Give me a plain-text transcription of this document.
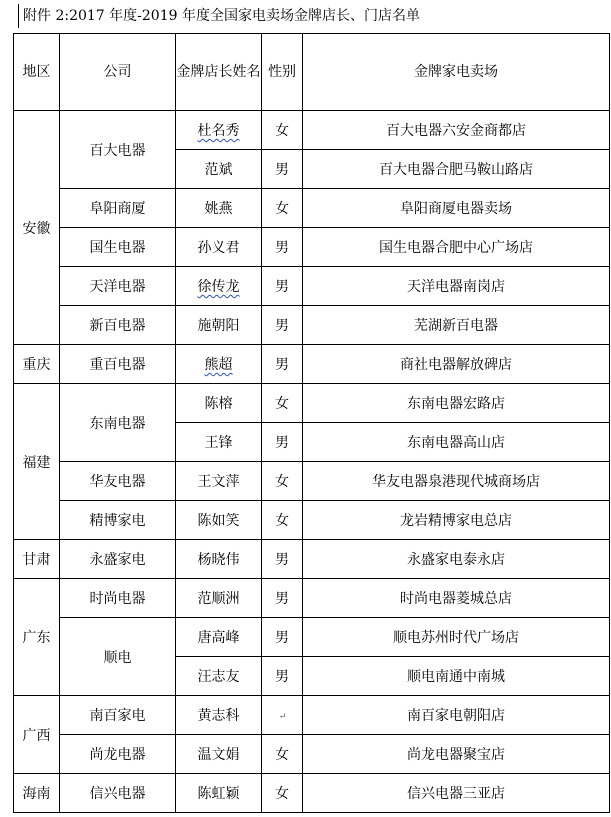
附件 2:2017 年度-2019 年度全国家电卖场金牌店长、门店名单
地区	公司	金牌店长姓名	性别	金牌家电卖场
安徽	百大电器	杜名秀	女	百大电器六安金商都店
		范斌	男	百大电器合肥马鞍山路店
	阜阳商厦	姚燕	女	阜阳商厦电器卖场
	国生电器	孙义君	男	国生电器合肥中心广场店
	天洋电器	徐传龙	男	天洋电器南岗店
	新百电器	施朝阳	男	芜湖新百电器
重庆	重百电器	熊超	男	商社电器解放碑店
福建	东南电器	陈榕	女	东南电器宏路店
		王锋	男	东南电器高山店
	华友电器	王文萍	女	华友电器泉港现代城商场店
	精博家电	陈如笑	女	龙岩精博家电总店
甘肃	永盛家电	杨晓伟	男	永盛家电泰永店
广东	时尚电器	范顺洲	男	时尚电器菱城总店
	顺电	唐高峰	男	顺电苏州时代广场店
		汪志友	男	顺电南通中南城
广西	南百家电	黄志科	↵	南百家电朝阳店
	尚龙电器	温文娟	女	尚龙电器聚宝店
海南	信兴电器	陈虹颖	女	信兴电器三亚店
